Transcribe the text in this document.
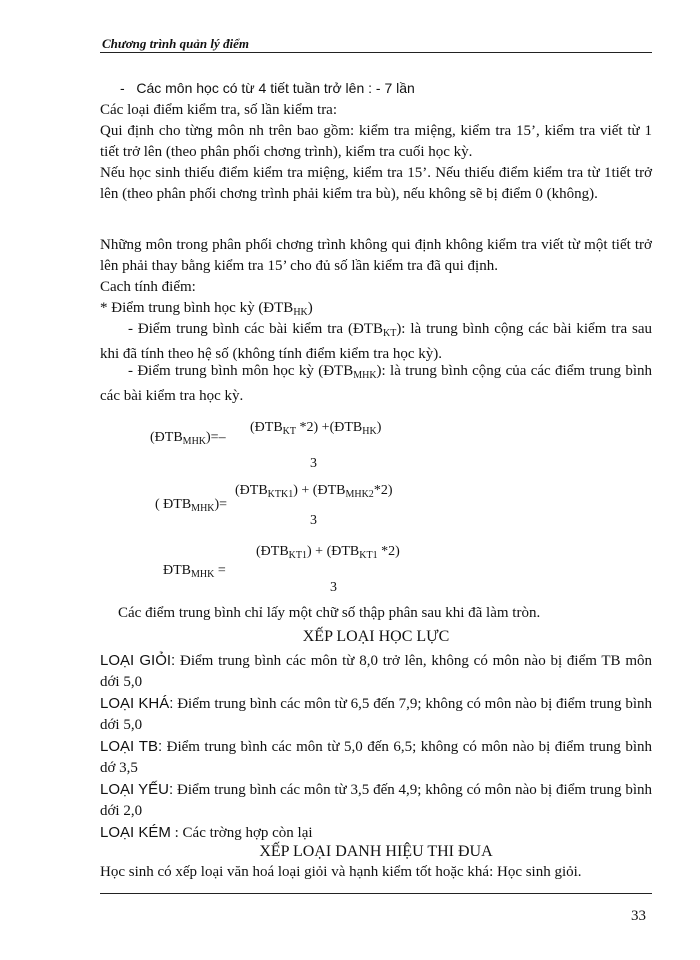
Chương trình quản lý điểm
-   Các môn học có từ 4 tiết tuần trở lên : - 7 lần
Các loại điểm kiểm tra, số lần kiểm tra:
Qui định cho từng môn nh trên bao gồm: kiểm tra miệng, kiểm tra 15’, kiểm tra viết từ 1 tiết trở lên (theo phân phối chơng trình), kiểm tra cuối học kỳ.
Nếu học sinh thiếu điểm kiểm tra miệng, kiểm tra 15’. Nếu thiếu điểm kiểm tra từ 1tiết trở lên (theo phân phối chơng trình phải kiểm tra bù), nếu không sẽ bị điểm 0 (không).
Những môn trong phân phối chơng trình không qui định không kiểm tra viết từ một tiết trở lên phải thay bằng kiểm tra 15’ cho đủ số lần kiểm tra đã qui định.
Cach tính điểm:
* Điểm trung bình học kỳ $(ĐTB_{HK})$
- Điểm trung bình các bài kiểm tra $(ĐTB_{KT})$: là trung bình cộng các bài kiểm tra sau khi đã tính theo hệ số (không tính điểm kiểm tra học kỳ).
- Điểm trung bình môn học kỳ $(ĐTB_{MHK})$: là trung bình cộng của các điểm trung bình các bài kiểm tra học kỳ.
$(ĐTB_{MHK})=-$
($ĐTB_{KT}$ $*2) +(ĐTB_{HK})$
3
( $ĐTB_{MHK})=$
$(ĐTB_{KTK1})$ + $(ĐTB_{MHK2}*2)$
3
$ĐTB_{MHK}$ =
$(ĐTB_{KT1})$ + ($ĐTB_{KT1}$ *2)
3
Các điểm trung bình chỉ lấy một chữ số thập phân sau khi đã làm tròn.
XẾP LOẠI HỌC LỰC
LOẠI GIỎI: Điểm trung bình các môn từ 8,0 trở lên, không có môn nào bị điểm TB môn dới 5,0
LOẠI KHÁ: Điểm trung bình các môn từ 6,5 đến 7,9; không có môn nào bị điểm trung bình dới 5,0
LOẠI TB: Điểm trung bình các môn từ 5,0 đến 6,5; không có môn nào bị điểm trung bình dớ 3,5
LOẠI YẾU: Điểm trung bình các môn từ 3,5 đến 4,9; không có môn nào bị điểm trung bình dới 2,0
LOẠI KÉM : Các trờng hợp còn lại
XẾP LOẠI DANH HIỆU THI ĐUA
Học sinh có xếp loại văn hoá loại giỏi và hạnh kiểm tốt hoặc khá: Học sinh giỏi.
33
